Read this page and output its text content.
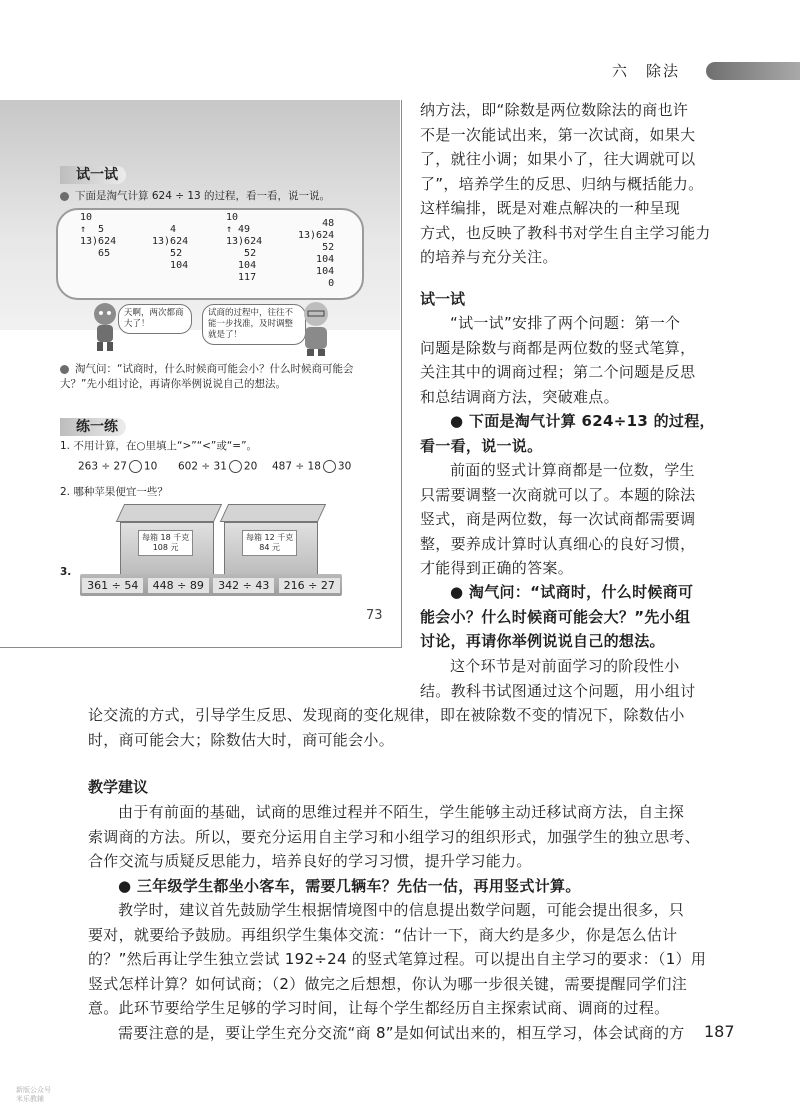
六　除法
试一试
下面是淘气计算 624 ÷ 13 的过程，看一看，说一说。
10
↑  5
13)624
65
4
13)624
52
104
10
↑ 49
13)624
52
104
117
48
13)624
52
104
104
0
天啊，两次都商大了！
试商的过程中，往往不能一步找准，及时调整就是了！
淘气问：“试商时，什么时候商可能会小？什么时候商可能会大？”先小组讨论，再请你举例说说自己的想法。
练一练
1. 不用计算，在○里填上“>”“<”或“=”。
263 ÷ 27 10 602 ÷ 31 20 487 ÷ 18 30
2. 哪种苹果便宜一些？
每箱 18 千克
108 元
每箱 12 千克
84 元
3.
361 ÷ 54	448 ÷ 89	342 ÷ 43	216 ÷ 27
73
纳方法，即“除数是两位数除法的商也许
不是一次能试出来，第一次试商，如果大
了，就往小调；如果小了，往大调就可以
了”，培养学生的反思、归纳与概括能力。
这样编排，既是对难点解决的一种呈现
方式，也反映了教科书对学生自主学习能力
的培养与充分关注。
试一试
“试一试”安排了两个问题：第一个
问题是除数与商都是两位数的竖式笔算，
关注其中的调商过程；第二个问题是反思
和总结调商方法，突破难点。
● 下面是淘气计算 624÷13 的过程，
看一看，说一说。
前面的竖式计算商都是一位数，学生
只需要调整一次商就可以了。本题的除法
竖式，商是两位数，每一次试商都需要调
整，要养成计算时认真细心的良好习惯，
才能得到正确的答案。
● 淘气问：“试商时，什么时候商可
能会小？什么时候商可能会大？”先小组
讨论，再请你举例说说自己的想法。
这个环节是对前面学习的阶段性小
结。教科书试图通过这个问题，用小组讨
论交流的方式，引导学生反思、发现商的变化规律，即在被除数不变的情况下，除数估小
时，商可能会大；除数估大时，商可能会小。
教学建议
由于有前面的基础，试商的思维过程并不陌生，学生能够主动迁移试商方法，自主探
索调商的方法。所以，要充分运用自主学习和小组学习的组织形式，加强学生的独立思考、
合作交流与质疑反思能力，培养良好的学习习惯，提升学习能力。
● 三年级学生都坐小客车，需要几辆车？先估一估，再用竖式计算。
教学时，建议首先鼓励学生根据情境图中的信息提出数学问题，可能会提出很多，只
要对，就要给予鼓励。再组织学生集体交流：“估计一下，商大约是多少，你是怎么估计
的？”然后再让学生独立尝试 192÷24 的竖式笔算过程。可以提出自主学习的要求：（1）用
竖式怎样计算？如何试商；（2）做完之后想想，你认为哪一步很关键，需要提醒同学们注
意。此环节要给学生足够的学习时间，让每个学生都经历自主探索试商、调商的过程。
需要注意的是，要让学生充分交流“商 8”是如何试出来的，相互学习，体会试商的方	187
新版公众号
米乐教辅
